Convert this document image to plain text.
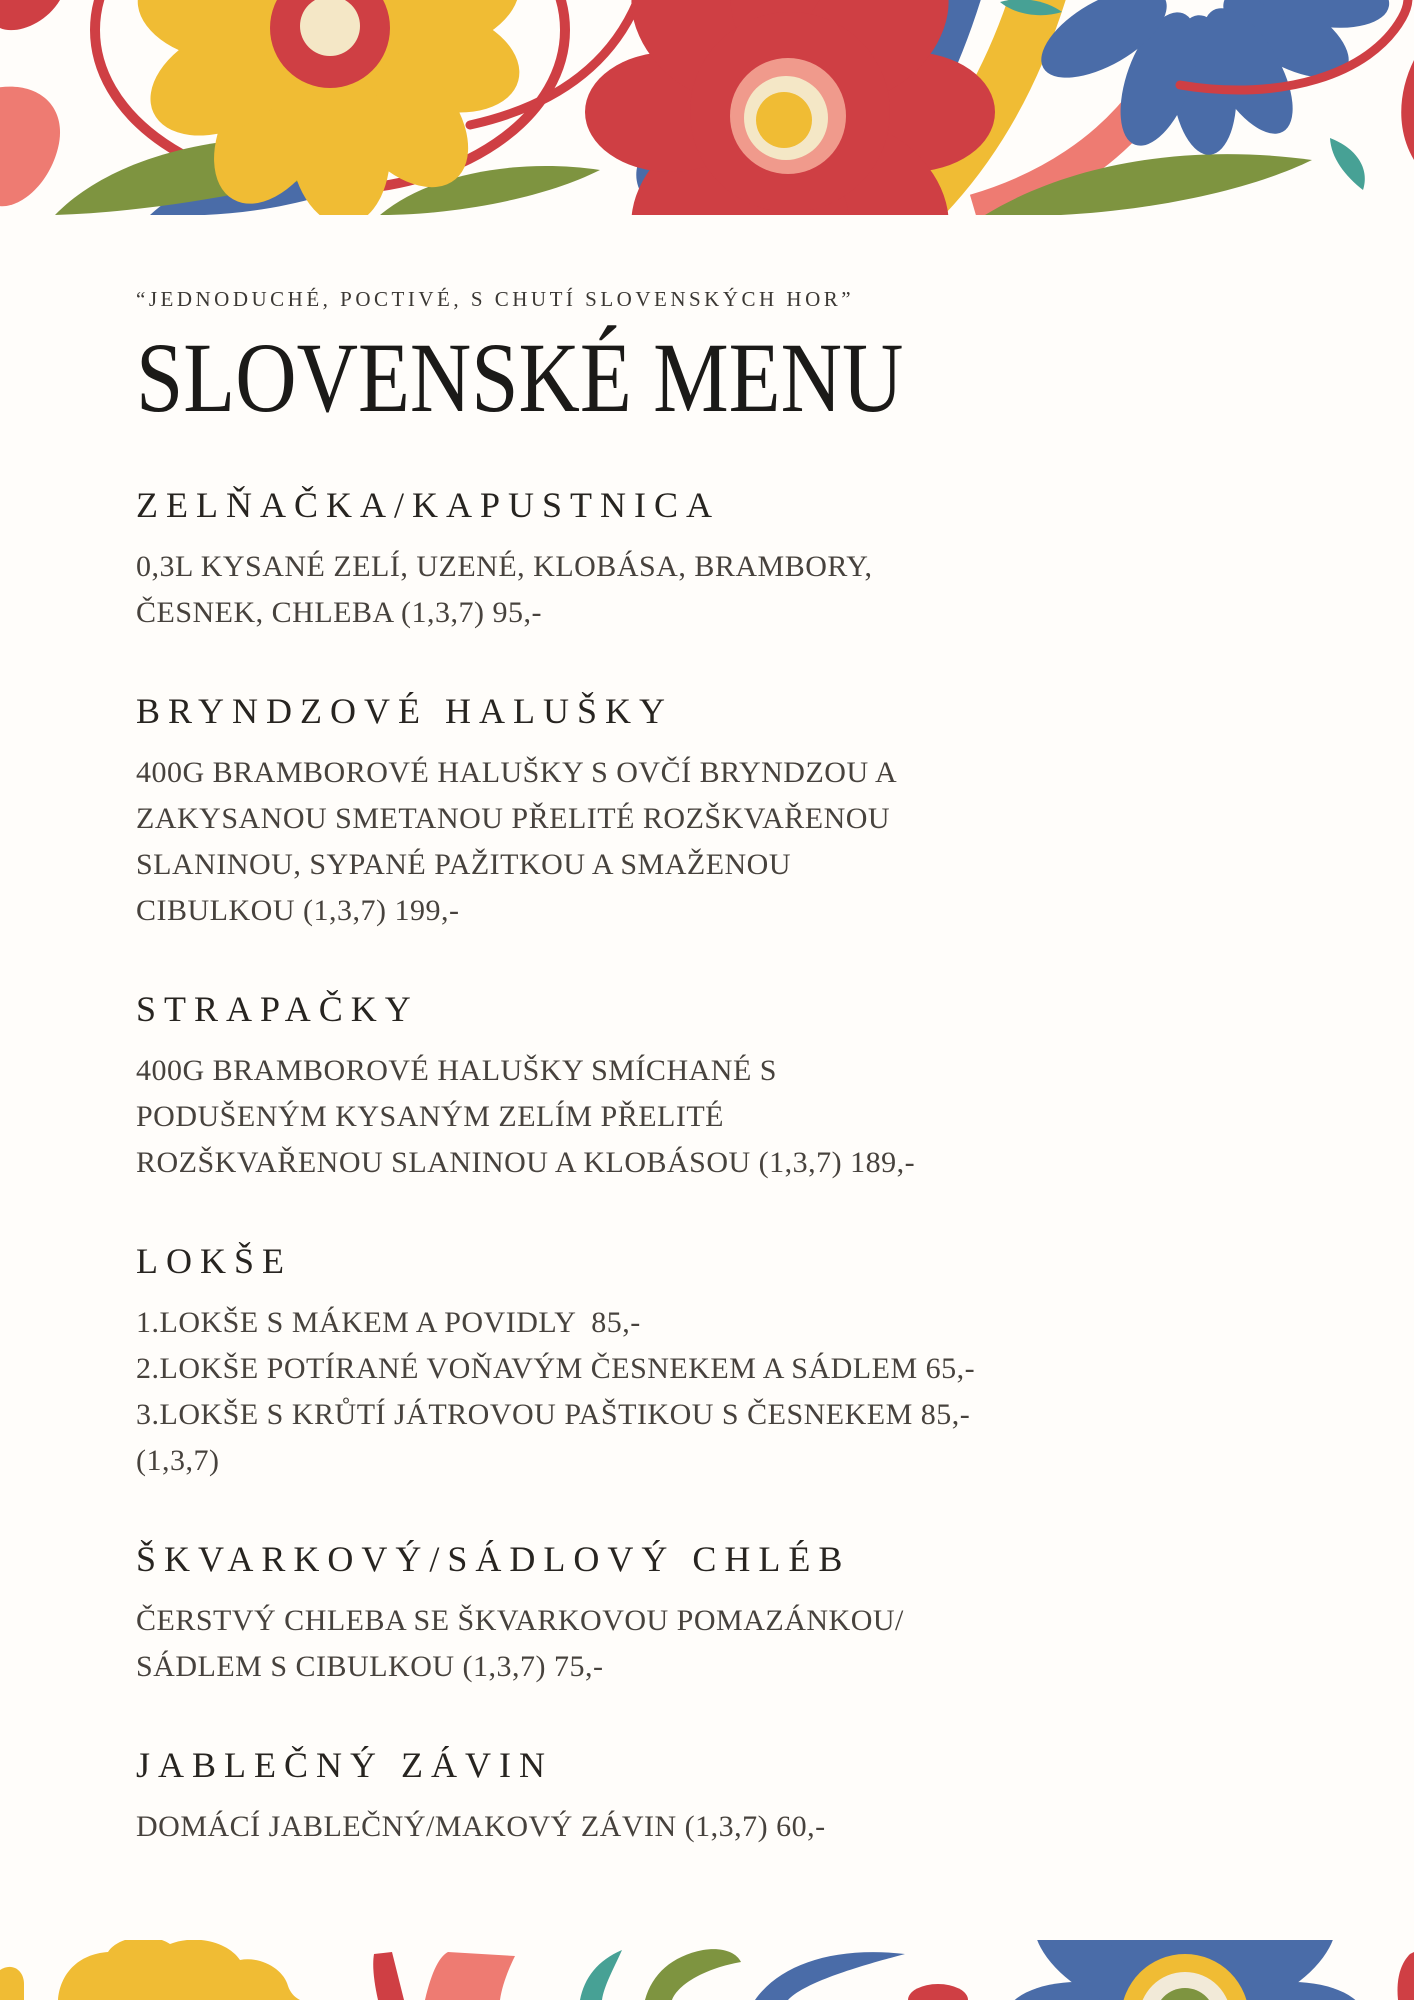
“JEDNODUCHÉ, POCTIVÉ, S CHUTÍ SLOVENSKÝCH HOR”

SLOVENSKÉ MENU
ZELŇAČKA/KAPUSTNICA
0,3L KYSANÉ ZELÍ, UZENÉ, KLOBÁSA, BRAMBORY,
ČESNEK, CHLEBA (1,3,7) 95,-
BRYNDZOVÉ HALUŠKY
400G BRAMBOROVÉ HALUŠKY S OVČÍ BRYNDZOU A
ZAKYSANOU SMETANOU PŘELITÉ ROZŠKVAŘENOU
SLANINOU, SYPANÉ PAŽITKOU A SMAŽENOU
CIBULKOU (1,3,7) 199,-
STRAPAČKY
400G BRAMBOROVÉ HALUŠKY SMÍCHANÉ S
PODUŠENÝM KYSANÝM ZELÍM PŘELITÉ
ROZŠKVAŘENOU SLANINOU A KLOBÁSOU (1,3,7) 189,-
LOKŠE
1.LOKŠE S MÁKEM A POVIDLY  85,-
2.LOKŠE POTÍRANÉ VOŇAVÝM ČESNEKEM A SÁDLEM 65,-
3.LOKŠE S KRŮTÍ JÁTROVOU PAŠTIKOU S ČESNEKEM 85,-
(1,3,7)
ŠKVARKOVÝ/SÁDLOVÝ CHLÉB
ČERSTVÝ CHLEBA SE ŠKVARKOVOU POMAZÁNKOU/
SÁDLEM S CIBULKOU (1,3,7) 75,-
JABLEČNÝ ZÁVIN
DOMÁCÍ JABLEČNÝ/MAKOVÝ ZÁVIN (1,3,7) 60,-
